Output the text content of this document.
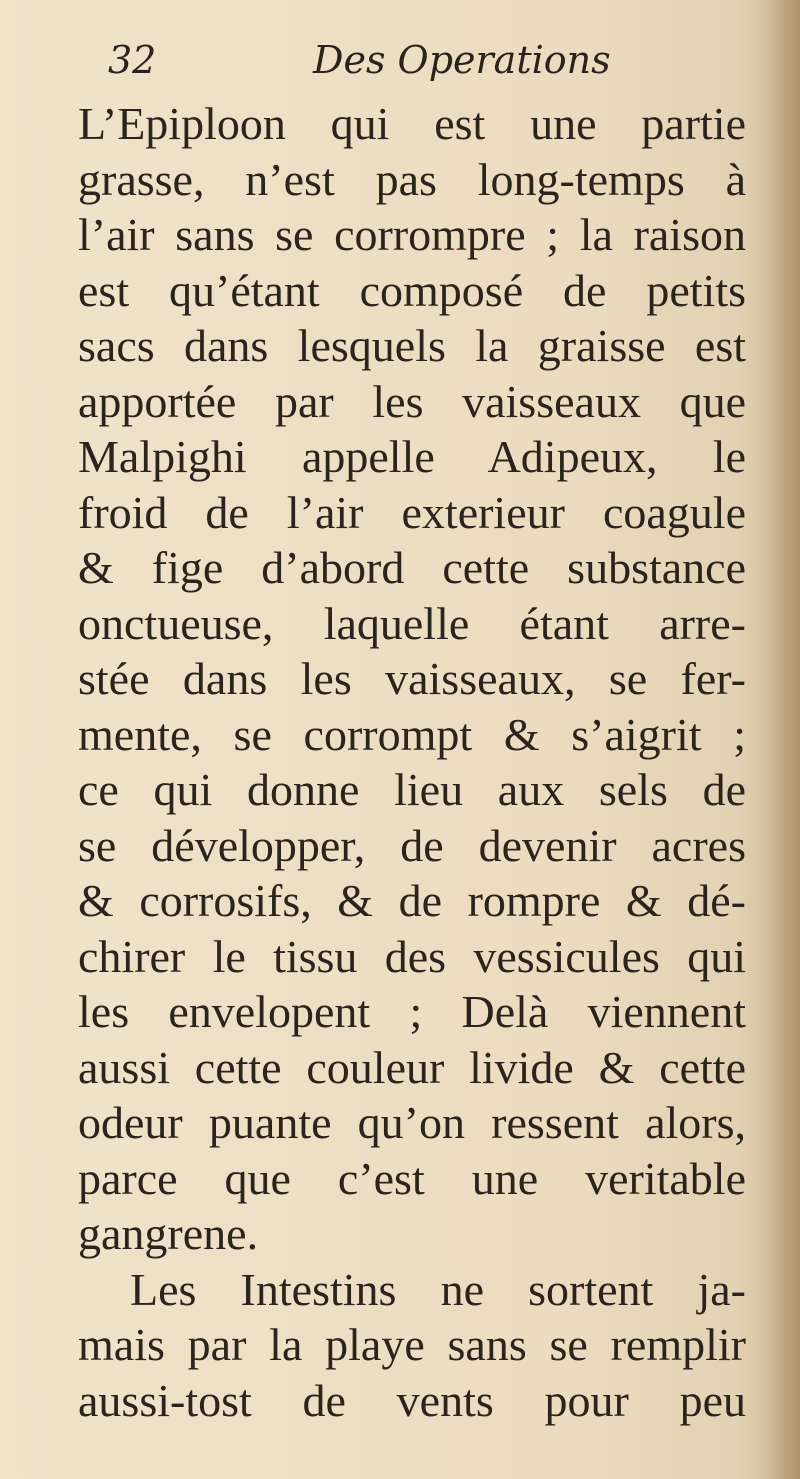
32	Des Operations
L’Epiploon qui est une partie
grasse, n’est pas long-temps à
l’air sans se corrompre ; la raison
est qu’étant composé de petits
sacs dans lesquels la graisse est
apportée par les vaisseaux que
Malpighi appelle Adipeux, le
froid de l’air exterieur coagule
& fige d’abord cette substance
onctueuse, laquelle étant arre-
stée dans les vaisseaux, se fer-
mente, se corrompt & s’aigrit ;
ce qui donne lieu aux sels de
se développer, de devenir acres
& corrosifs, & de rompre & dé-
chirer le tissu des vessicules qui
les envelopent ; Delà viennent
aussi cette couleur livide & cette
odeur puante qu’on ressent alors,
parce que c’est une veritable
gangrene.
Les Intestins ne sortent ja-
mais par la playe sans se remplir
aussi-tost de vents pour peu
